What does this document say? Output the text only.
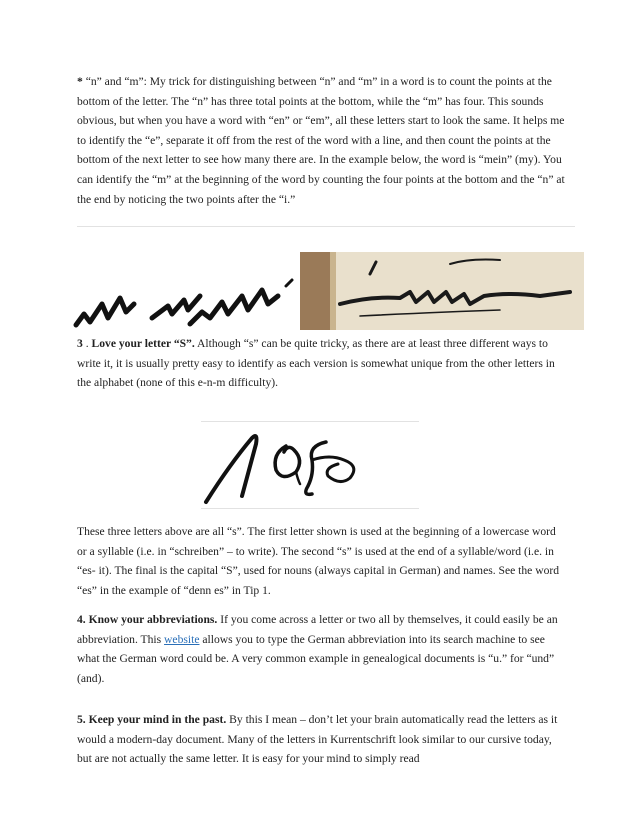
* “n” and “m”: My trick for distinguishing between “n” and “m” in a word is to count the points at the bottom of the letter. The “n” has three total points at the bottom, while the “m” has four. This sounds obvious, but when you have a word with “en” or “em”, all these letters start to look the same. It helps me to identify the “e”, separate it off from the rest of the word with a line, and then count the points at the bottom of the next letter to see how many there are. In the example below, the word is “mein” (my). You can identify the “m” at the beginning of the word by counting the four points at the bottom and the “n” at the end by noticing the two points after the “i.”

3 . Love your letter “S”. Although “s” can be quite tricky, as there are at least three different ways to write it, it is usually pretty easy to identify as each version is somewhat unique from the other letters in the alphabet (none of this e-n-m difficulty).

These three letters above are all “s”. The first letter shown is used at the beginning of a lowercase word or a syllable (i.e. in “schreiben” – to write). The second “s” is used at the end of a syllable/word (i.e. in “es- it). The final is the capital “S”, used for nouns (always capital in German) and names. See the word “es” in the example of “denn es” in Tip 1.

4. Know your abbreviations. If you come across a letter or two all by themselves, it could easily be an abbreviation. This website allows you to type the German abbreviation into its search machine to see what the German word could be. A very common example in genealogical documents is “u.” for “und” (and).

5. Keep your mind in the past. By this I mean – don’t let your brain automatically read the letters as it would a modern-day document. Many of the letters in Kurrentschrift look similar to our cursive today, but are not actually the same letter. It is easy for your mind to simply read
